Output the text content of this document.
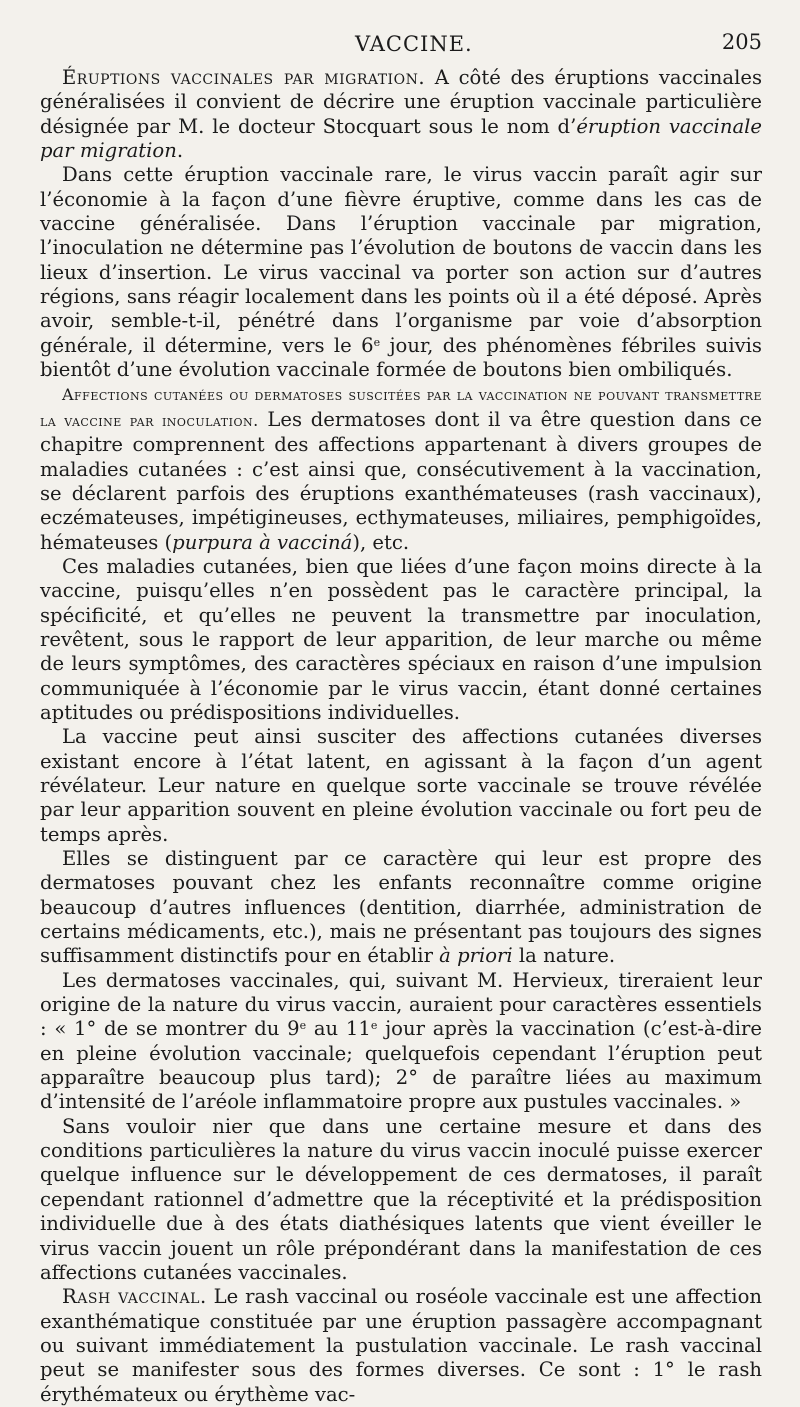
VACCINE.	205

Éruptions vaccinales par migration. A côté des éruptions vaccinales généralisées il convient de décrire une éruption vaccinale particulière désignée par M. le docteur Stocquart sous le nom d’éruption vaccinale par migration.

Dans cette éruption vaccinale rare, le virus vaccin paraît agir sur l’économie à la façon d’une fièvre éruptive, comme dans les cas de vaccine généralisée. Dans l’éruption vaccinale par migration, l’inoculation ne détermine pas l’évolution de boutons de vaccin dans les lieux d’insertion. Le virus vaccinal va porter son action sur d’autres régions, sans réagir localement dans les points où il a été déposé. Après avoir, semble-t-il, pénétré dans l’organisme par voie d’absorption générale, il détermine, vers le 6e jour, des phénomènes fébriles suivis bientôt d’une évolution vaccinale formée de boutons bien ombiliqués.

Affections cutanées ou dermatoses suscitées par la vaccination ne pouvant transmettre la vaccine par inoculation. Les dermatoses dont il va être question dans ce chapitre comprennent des affections appartenant à divers groupes de maladies cutanées : c’est ainsi que, consécutivement à la vaccination, se déclarent parfois des éruptions exanthémateuses (rash vaccinaux), eczémateuses, impétigineuses, ecthymateuses, miliaires, pemphigoïdes, hémateuses (purpura à vacciná), etc.

Ces maladies cutanées, bien que liées d’une façon moins directe à la vaccine, puisqu’elles n’en possèdent pas le caractère principal, la spécificité, et qu’elles ne peuvent la transmettre par inoculation, revêtent, sous le rapport de leur apparition, de leur marche ou même de leurs symptômes, des caractères spéciaux en raison d’une impulsion communiquée à l’économie par le virus vaccin, étant donné certaines aptitudes ou prédispositions individuelles.

La vaccine peut ainsi susciter des affections cutanées diverses existant encore à l’état latent, en agissant à la façon d’un agent révélateur. Leur nature en quelque sorte vaccinale se trouve révélée par leur apparition souvent en pleine évolution vaccinale ou fort peu de temps après.

Elles se distinguent par ce caractère qui leur est propre des dermatoses pouvant chez les enfants reconnaître comme origine beaucoup d’autres influences (dentition, diarrhée, administration de certains médicaments, etc.), mais ne présentant pas toujours des signes suffisamment distinctifs pour en établir à priori la nature.

Les dermatoses vaccinales, qui, suivant M. Hervieux, tireraient leur origine de la nature du virus vaccin, auraient pour caractères essentiels : « 1° de se montrer du 9e au 11e jour après la vaccination (c’est-à-dire en pleine évolution vaccinale; quelquefois cependant l’éruption peut apparaître beaucoup plus tard); 2° de paraître liées au maximum d’intensité de l’aréole inflammatoire propre aux pustules vaccinales. »

Sans vouloir nier que dans une certaine mesure et dans des conditions particulières la nature du virus vaccin inoculé puisse exercer quelque influence sur le développement de ces dermatoses, il paraît cependant rationnel d’admettre que la réceptivité et la prédisposition individuelle due à des états diathésiques latents que vient éveiller le virus vaccin jouent un rôle prépondérant dans la manifestation de ces affections cutanées vaccinales.

Rash vaccinal. Le rash vaccinal ou roséole vaccinale est une affection exanthématique constituée par une éruption passagère accompagnant ou suivant immédiatement la pustulation vaccinale. Le rash vaccinal peut se manifester sous des formes diverses. Ce sont : 1° le rash érythémateux ou érythème vac-
